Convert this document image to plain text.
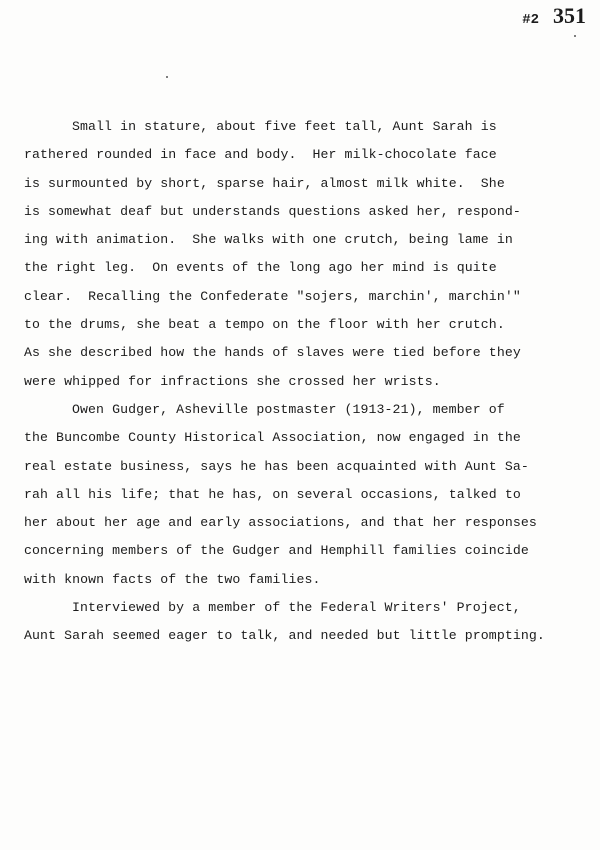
#2 351
Small in stature, about five feet tall, Aunt Sarah is
rathered rounded in face and body.  Her milk-chocolate face
is surmounted by short, sparse hair, almost milk white.  She
is somewhat deaf but understands questions asked her, respond-
ing with animation.  She walks with one crutch, being lame in
the right leg.  On events of the long ago her mind is quite
clear.  Recalling the Confederate "sojers, marchin', marchin'"
to the drums, she beat a tempo on the floor with her crutch.
As she described how the hands of slaves were tied before they
were whipped for infractions she crossed her wrists.
Owen Gudger, Asheville postmaster (1913-21), member of
the Buncombe County Historical Association, now engaged in the
real estate business, says he has been acquainted with Aunt Sa-
rah all his life; that he has, on several occasions, talked to
her about her age and early associations, and that her responses
concerning members of the Gudger and Hemphill families coincide
with known facts of the two families.
Interviewed by a member of the Federal Writers' Project,
Aunt Sarah seemed eager to talk, and needed but little prompting.
